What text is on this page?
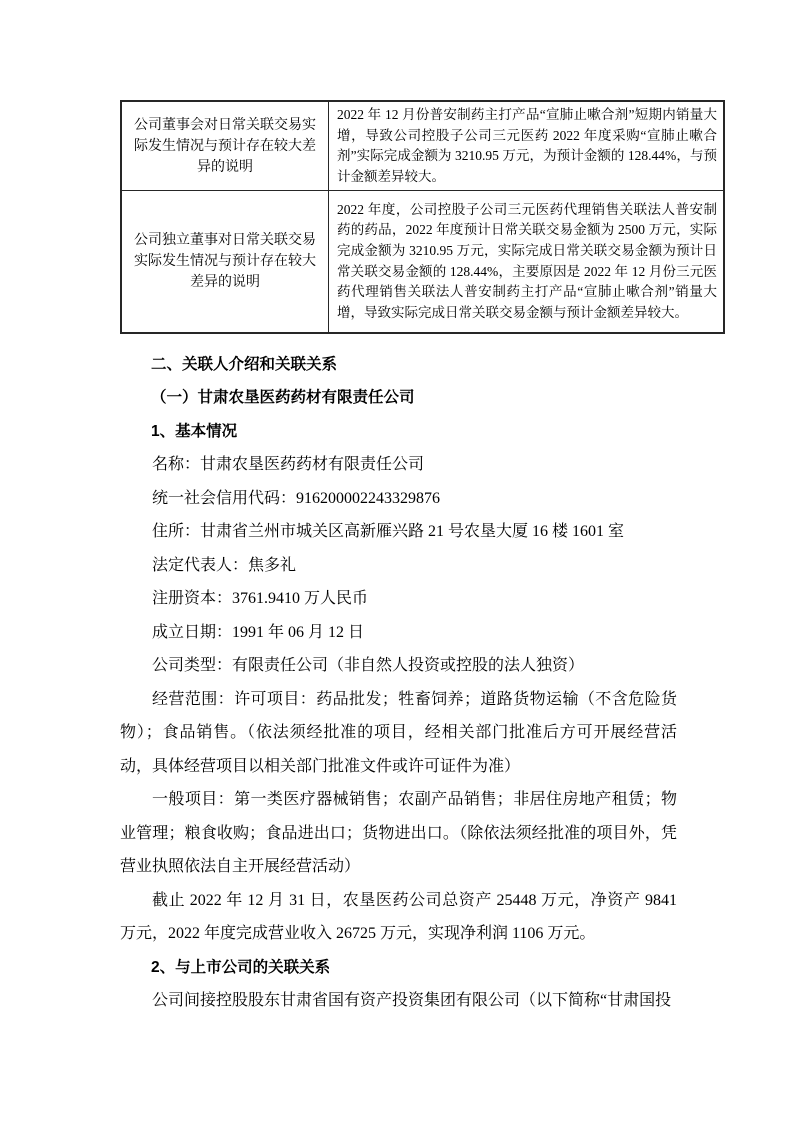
公司董事会对日常关联交易实际发生情况与预计存在较大差异的说明	2022 年 12 月份普安制药主打产品“宣肺止嗽合剂”短期内销量大增，导致公司控股子公司三元医药 2022 年度采购“宣肺止嗽合剂”实际完成金额为 3210.95 万元，为预计金额的 128.44%，与预计金额差异较大。
公司独立董事对日常关联交易实际发生情况与预计存在较大差异的说明	2022 年度，公司控股子公司三元医药代理销售关联法人普安制药的药品，2022 年度预计日常关联交易金额为 2500 万元，实际完成金额为 3210.95 万元，实际完成日常关联交易金额为预计日常关联交易金额的 128.44%，主要原因是 2022 年 12 月份三元医药代理销售关联法人普安制药主打产品“宣肺止嗽合剂”销量大增，导致实际完成日常关联交易金额与预计金额差异较大。

二、关联人介绍和关联关系

（一）甘肃农垦医药药材有限责任公司

1、基本情况

名称：甘肃农垦医药药材有限责任公司

统一社会信用代码：916200002243329876

住所：甘肃省兰州市城关区高新雁兴路 21 号农垦大厦 16 楼 1601 室

法定代表人：焦多礼

注册资本：3761.9410 万人民币

成立日期：1991 年 06 月 12 日

公司类型：有限责任公司（非自然人投资或控股的法人独资）

经营范围：许可项目：药品批发；牲畜饲养；道路货物运输（不含危险货物）；食品销售。（依法须经批准的项目，经相关部门批准后方可开展经营活动，具体经营项目以相关部门批准文件或许可证件为准）

一般项目：第一类医疗器械销售；农副产品销售；非居住房地产租赁；物业管理；粮食收购；食品进出口；货物进出口。（除依法须经批准的项目外，凭营业执照依法自主开展经营活动）

截止 2022 年 12 月 31 日，农垦医药公司总资产 25448 万元，净资产 9841 万元，2022 年度完成营业收入 26725 万元，实现净利润 1106 万元。

2、与上市公司的关联关系

公司间接控股股东甘肃省国有资产投资集团有限公司（以下简称“甘肃国投
